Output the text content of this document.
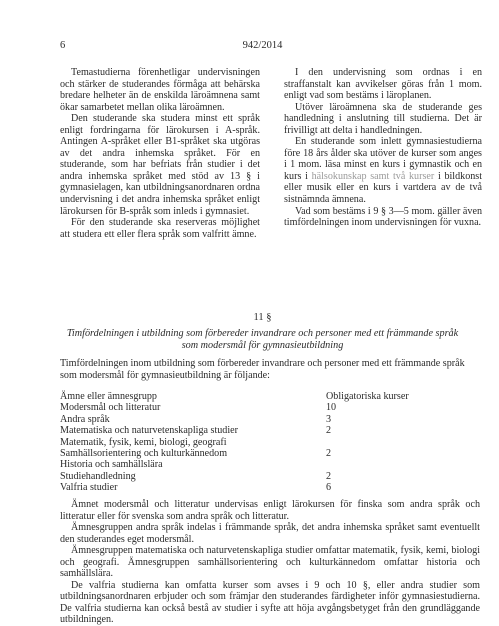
6	942/2014

Temastudierna förenhetligar undervisningen och stärker de studerandes förmåga att behärska bredare helheter än de enskilda läroämnena samt ökar samarbetet mellan olika läroämnen.

Den studerande ska studera minst ett språk enligt fordringarna för lärokursen i A-språk. Antingen A-språket eller B1-språket ska utgöras av det andra inhemska språket. För en studerande, som har befriats från studier i det andra inhemska språket med stöd av 13 § i gymnasielagen, kan utbildningsanordnaren ordna undervisning i det andra inhemska språket enligt lärokursen för B-språk som inleds i gymnasiet.

För den studerande ska reserveras möjlighet att studera ett eller flera språk som valfritt ämne.

I den undervisning som ordnas i en straffanstalt kan avvikelser göras från 1 mom. enligt vad som bestäms i läroplanen.

Utöver läroämnena ska de studerande ges handledning i anslutning till studierna. Det är frivilligt att delta i handledningen.

En studerande som inlett gymnasiestudierna före 18 års ålder ska utöver de kurser som anges i 1 mom. läsa minst en kurs i gymnastik och en kurs i hälsokunskap samt två kurser i bildkonst eller musik eller en kurs i vartdera av de två sistnämnda ämnena.

Vad som bestäms i 9 § 3—5 mom. gäller även timfördelningen inom undervisningen för vuxna.

11 §
Timfördelningen i utbildning som förbereder invandrare och personer med ett främmande språk som modersmål för gymnasieutbildning

Timfördelningen inom utbildning som förbereder invandrare och personer med ett främmande språk som modersmål för gymnasieutbildning är följande:

Ämne eller ämnesgrupp	Obligatoriska kurser
Modersmål och litteratur	10
Andra språk	3
Matematiska och naturvetenskapliga studier	2
Matematik, fysik, kemi, biologi, geografi
Samhällsorientering och kulturkännedom	2
Historia och samhällslära
Studiehandledning	2
Valfria studier	6

Ämnet modersmål och litteratur undervisas enligt lärokursen för finska som andra språk och litteratur eller för svenska som andra språk och litteratur.

Ämnesgruppen andra språk indelas i främmande språk, det andra inhemska språket samt eventuellt den studerandes eget modersmål.

Ämnesgruppen matematiska och naturvetenskapliga studier omfattar matematik, fysik, kemi, biologi och geografi. Ämnesgruppen samhällsorientering och kulturkännedom omfattar historia och samhällslära.

De valfria studierna kan omfatta kurser som avses i 9 och 10 §, eller andra studier som utbildningsanordnaren erbjuder och som främjar den studerandes färdigheter inför gymnasiestudierna. De valfria studierna kan också bestå av studier i syfte att höja avgångsbetyget från den grundläggande utbildningen.
